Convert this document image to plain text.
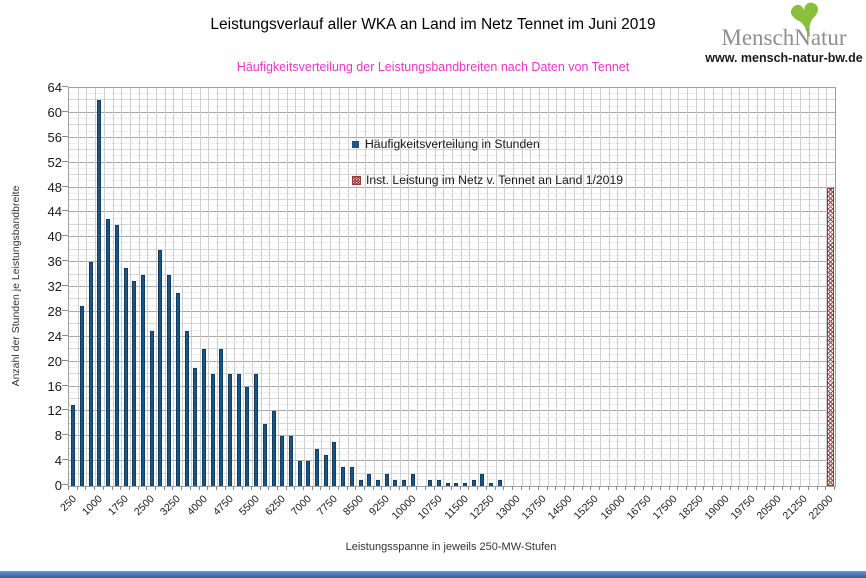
Leistungsverlauf aller WKA an Land im Netz Tennet im Juni 2019
MenschNatur
www. mensch-natur-bw.de
Häufigkeitsverteilung der Leistungsbandbreiten nach Daten von Tennet
Anzahl der Stunden je Leistungsbandbreite
0
4
8
12
16
20
24
28
32
36
40
44
48
52
56
60
64
Häufigkeitsverteilung in Stunden
Inst. Leistung im Netz v. Tennet an Land 1/2019
250 1000 1750 2500 3250 4000 4750 5500 6250 7000 7750 8500 9250
10000
10750
11500
12250
13000
13750
14500
15250
16000
16750
17500
18250
19000
19750
20500
21250
22000
Leistungsspanne in jeweils 250-MW-Stufen
